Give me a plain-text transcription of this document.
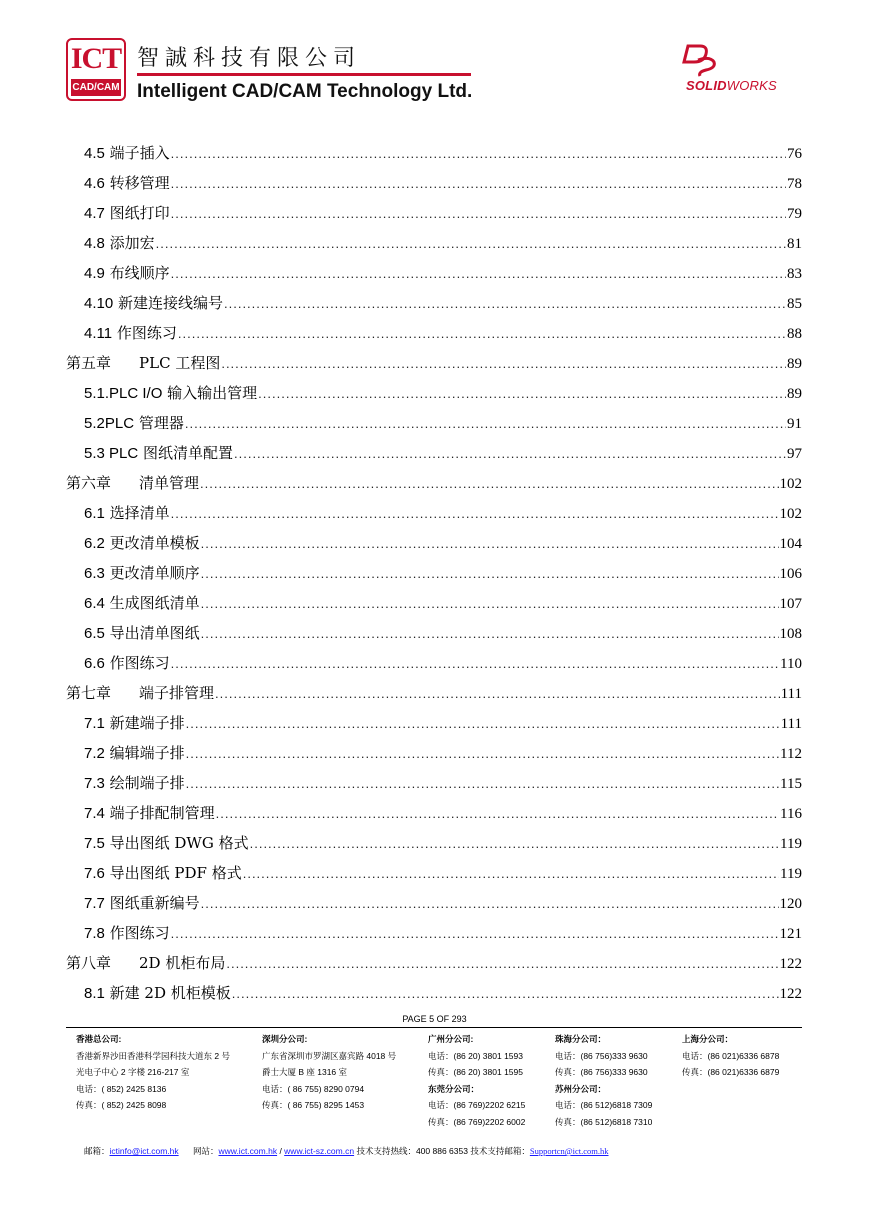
ICT
CAD/CAM
智誠科技有限公司
Intelligent CAD/CAM Technology Ltd.	SOLIDWORKS
4.5 端子插入 .....	76
4.6 转移管理 .....	78
4.7 图纸打印 .....	79
4.8 添加宏 .....	81
4.9 布线顺序 .....	83
4.10 新建连接线编号 .....	85
4.11 作图练习 .....	88
第五章 PLC 工程图 .....	89
5.1.PLC I/O 输入输出管理 .....	89
5.2PLC 管理器 .....	91
5.3 PLC 图纸清单配置 .....	97
第六章 清单管理 .....	102
6.1 选择清单 .....	102
6.2 更改清单模板 .....	104
6.3 更改清单顺序 .....	106
6.4 生成图纸清单 .....	107
6.5 导出清单图纸 .....	108
6.6 作图练习 .....	110
第七章 端子排管理 .....	111
7.1 新建端子排 .....	111
7.2 编辑端子排 .....	112
7.3 绘制端子排 .....	115
7.4 端子排配制管理 .....	116
7.5 导出图纸 DWG 格式 .....	119
7.6 导出图纸 PDF 格式 .....	119
7.7 图纸重新编号 .....	120
7.8 作图练习 .....	121
第八章 2D 机柜布局 .....	122
8.1 新建 2D 机柜模板 .....	122
PAGE 5 OF 293
香港总公司:
香港新界沙田香港科学园科技大道东 2 号
光电子中心 2 字楼 216-217 室
电话：( 852) 2425 8136
传真：( 852) 2425 8098
深圳分公司:
广东省深圳市罗湖区嘉宾路 4018 号
爵士大厦 B 座 1316 室
电话：( 86 755) 8290 0794
传真：( 86 755) 8295 1453
广州分公司:
电话：(86 20) 3801 1593
传真：(86 20) 3801 1595
东莞分公司：
电话：(86 769)2202 6215
传真：(86 769)2202 6002
珠海分公司：
电话：(86 756)333 9630
传真：(86 756)333 9630
苏州分公司：
电话：(86 512)6818 7309
传真：(86 512)6818 7310
上海分公司：
电话：(86 021)6336 6878
传真：(86 021)6336 6879
邮箱：ictinfo@ict.com.hk 网站：www.ict.com.hk / www.ict-sz.com.cn 技术支持热线：400 886 6353 技术支持邮箱：Supportcn@ict.com.hk
